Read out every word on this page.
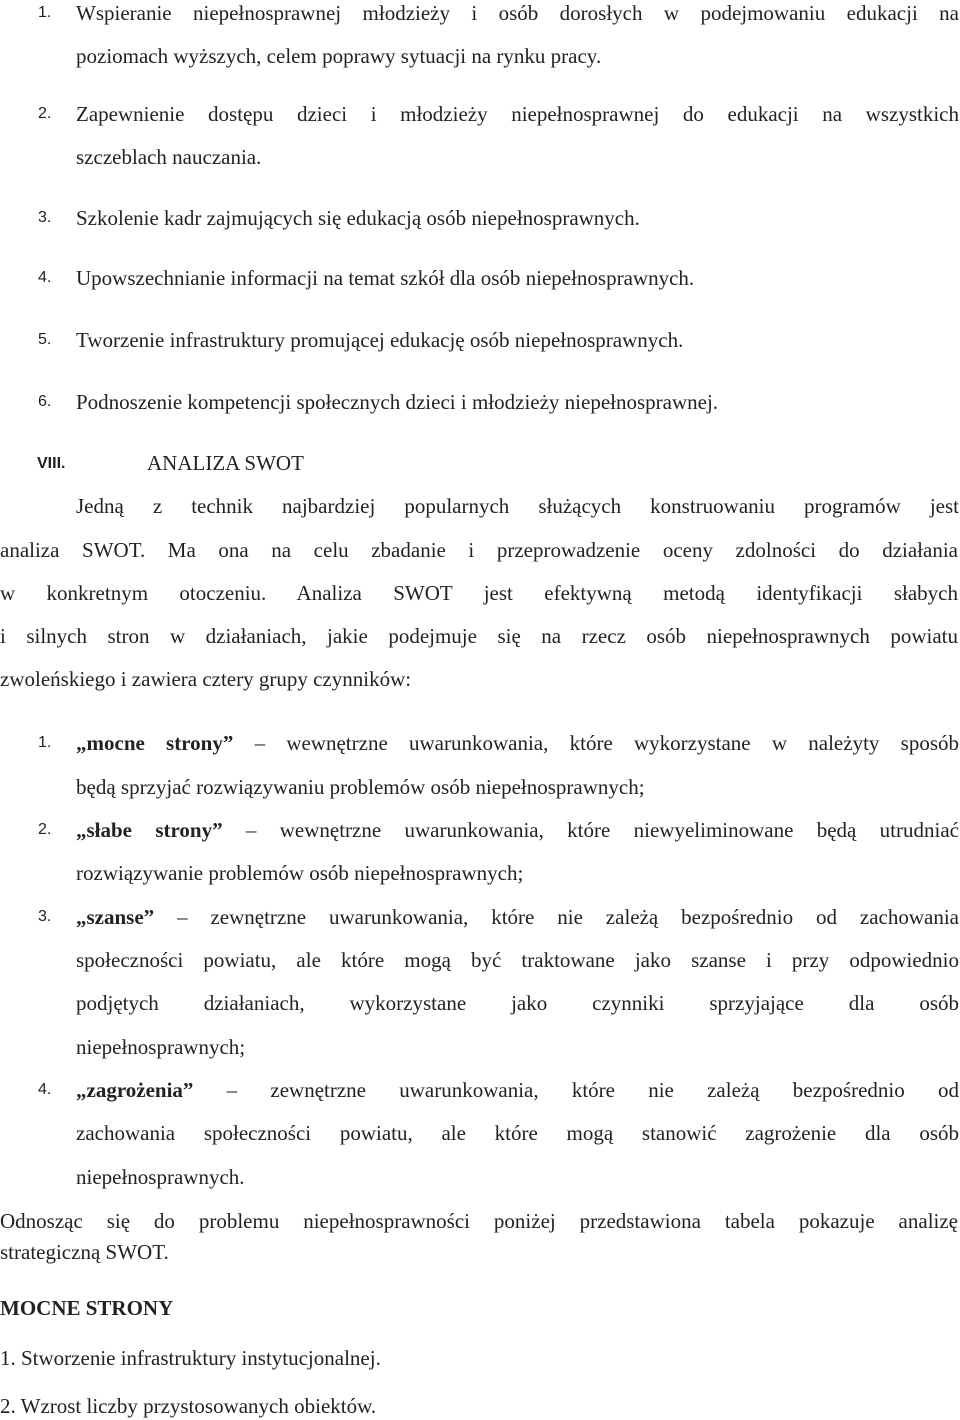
1. Wspieranie niepełnosprawnej młodzieży i osób dorosłych w podejmowaniu edukacji na
poziomach wyższych, celem poprawy sytuacji na rynku pracy.
2. Zapewnienie dostępu dzieci i młodzieży niepełnosprawnej do edukacji na wszystkich
szczeblach nauczania.
3. Szkolenie kadr zajmujących się edukacją osób niepełnosprawnych.
4. Upowszechnianie informacji na temat szkół dla osób niepełnosprawnych.
5. Tworzenie infrastruktury promującej edukację osób niepełnosprawnych.
6. Podnoszenie kompetencji społecznych dzieci i młodzieży niepełnosprawnej.
VIII.	ANALIZA SWOT
Jedną z technik najbardziej popularnych służących konstruowaniu programów jest
analiza SWOT. Ma ona na celu zbadanie i przeprowadzenie oceny zdolności do działania
w konkretnym otoczeniu. Analiza SWOT jest efektywną metodą identyfikacji słabych
i silnych stron w działaniach, jakie podejmuje się na rzecz osób niepełnosprawnych powiatu
zwoleńskiego i zawiera cztery grupy czynników:
1. „mocne strony” – wewnętrzne uwarunkowania, które wykorzystane w należyty sposób
będą sprzyjać rozwiązywaniu problemów osób niepełnosprawnych;
2. „słabe strony” – wewnętrzne uwarunkowania, które niewyeliminowane będą utrudniać
rozwiązywanie problemów osób niepełnosprawnych;
3. „szanse” – zewnętrzne uwarunkowania, które nie zależą bezpośrednio od zachowania
społeczności powiatu, ale które mogą być traktowane jako szanse i przy odpowiednio
podjętych działaniach, wykorzystane jako czynniki sprzyjające dla osób
niepełnosprawnych;
4. „zagrożenia” – zewnętrzne uwarunkowania, które nie zależą bezpośrednio od
zachowania społeczności powiatu, ale które mogą stanowić zagrożenie dla osób
niepełnosprawnych.
Odnosząc się do problemu niepełnosprawności poniżej przedstawiona tabela pokazuje analizę
strategiczną SWOT.
MOCNE STRONY
1. Stworzenie infrastruktury instytucjonalnej.
2. Wzrost liczby przystosowanych obiektów.
